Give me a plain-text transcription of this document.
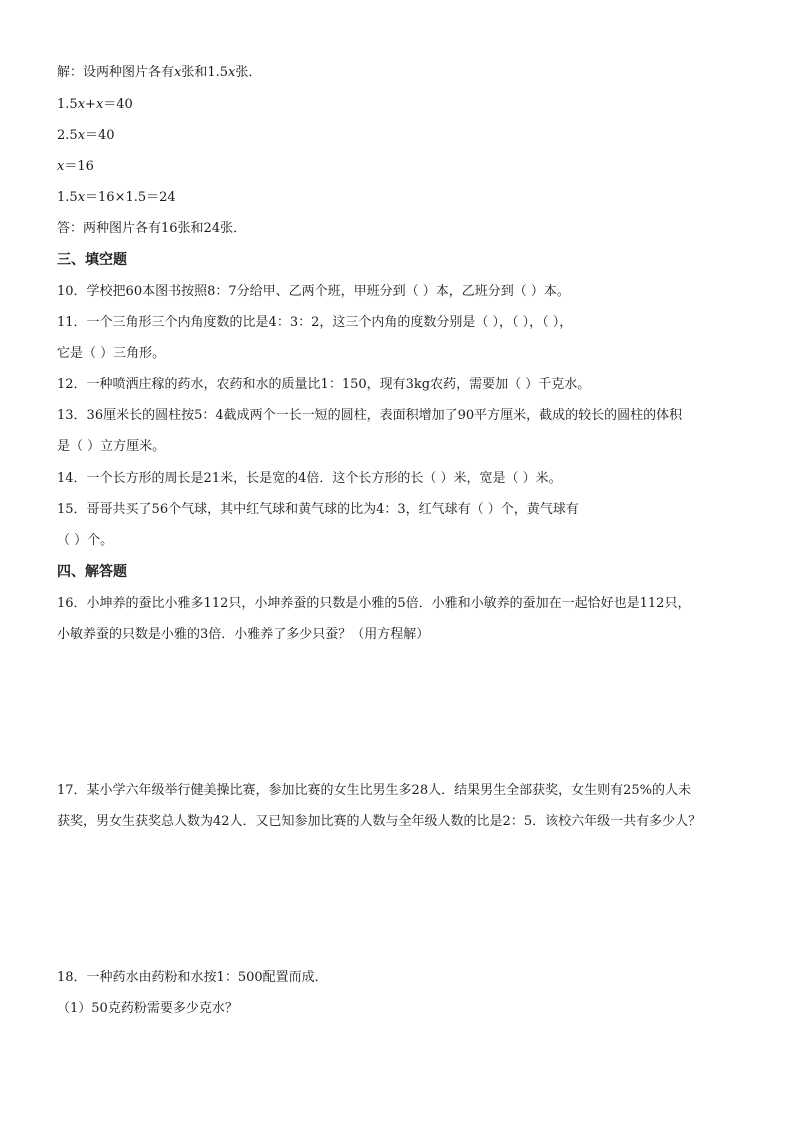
解：设两种图片各有x张和1.5x张．
1.5x+x＝40
2.5x＝40
x＝16
1.5x＝16×1.5＝24
答：两种图片各有16张和24张．
三、填空题
10．学校把60本图书按照8：7分给甲、乙两个班，甲班分到（ ）本，乙班分到（ ）本。
11．一个三角形三个内角度数的比是4：3：2，这三个内角的度数分别是（ ），（ ），（ ），
它是（ ）三角形。
12．一种喷洒庄稼的药水，农药和水的质量比1：150，现有3kg农药，需要加（ ）千克水。
13．36厘米长的圆柱按5：4截成两个一长一短的圆柱，表面积增加了90平方厘米，截成的较长的圆柱的体积
是（ ）立方厘米。
14．一个长方形的周长是21米，长是宽的4倍．这个长方形的长（ ）米，宽是（ ）米。
15．哥哥共买了56个气球，其中红气球和黄气球的比为4：3，红气球有（ ）个，黄气球有
（ ）个。
四、解答题
16．小坤养的蚕比小雅多112只，小坤养蚕的只数是小雅的5倍．小雅和小敏养的蚕加在一起恰好也是112只，
小敏养蚕的只数是小雅的3倍．小雅养了多少只蚕？（用方程解）
17．某小学六年级举行健美操比赛，参加比赛的女生比男生多28人．结果男生全部获奖，女生则有25%的人未
获奖，男女生获奖总人数为42人．又已知参加比赛的人数与全年级人数的比是2：5．该校六年级一共有多少人？
18．一种药水由药粉和水按1：500配置而成．
（1）50克药粉需要多少克水？
